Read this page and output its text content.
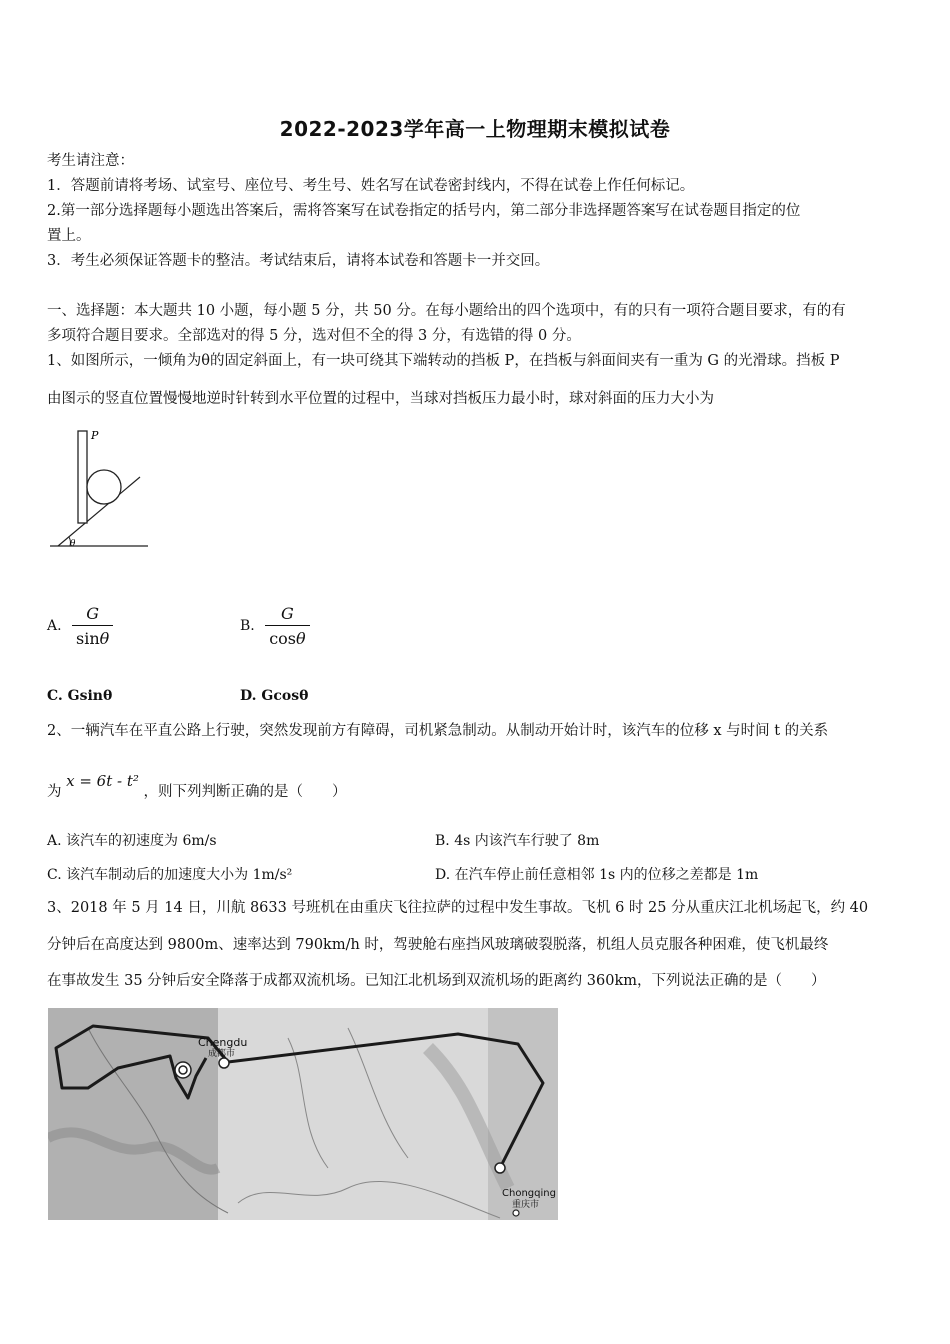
2022-2023学年高一上物理期末模拟试卷
考生请注意：
1．答题前请将考场、试室号、座位号、考生号、姓名写在试卷密封线内，不得在试卷上作任何标记。
2.第一部分选择题每小题选出答案后，需将答案写在试卷指定的括号内，第二部分非选择题答案写在试卷题目指定的位
置上。
3．考生必须保证答题卡的整洁。考试结束后，请将本试卷和答题卡一并交回。
一、选择题：本大题共 10 小题，每小题 5 分，共 50 分。在每小题给出的四个选项中，有的只有一项符合题目要求，有的有
多项符合题目要求。全部选对的得 5 分，选对但不全的得 3 分，有选错的得 0 分。
1、如图所示，一倾角为θ的固定斜面上，有一块可绕其下端转动的挡板 P，在挡板与斜面间夹有一重为 G 的光滑球。挡板 P
由图示的竖直位置慢慢地逆时针转到水平位置的过程中，当球对挡板压力最小时，球对斜面的压力大小为
P
θ
A. $\frac{G}{\sin\theta}$	B. $\frac{G}{\cos\theta}$
C. Gsinθ	D. Gcosθ
2、一辆汽车在平直公路上行驶，突然发现前方有障碍，司机紧急制动。从制动开始计时，该汽车的位移 x 与时间 t 的关系
为 x = 6t - t² ，则下列判断正确的是（　　）
A. 该汽车的初速度为 6m/s	B. 4s 内该汽车行驶了 8m
C. 该汽车制动后的加速度大小为 1m/s²	D. 在汽车停止前任意相邻 1s 内的位移之差都是 1m
3、2018 年 5 月 14 日，川航 8633 号班机在由重庆飞往拉萨的过程中发生事故。飞机 6 时 25 分从重庆江北机场起飞，约 40
分钟后在高度达到 9800m、速率达到 790km/h 时，驾驶舱右座挡风玻璃破裂脱落，机组人员克服各种困难，使飞机最终
在事故发生 35 分钟后安全降落于成都双流机场。已知江北机场到双流机场的距离约 360km，下列说法正确的是（　　）
Chengdu
成都市
Chongqing
重庆市
